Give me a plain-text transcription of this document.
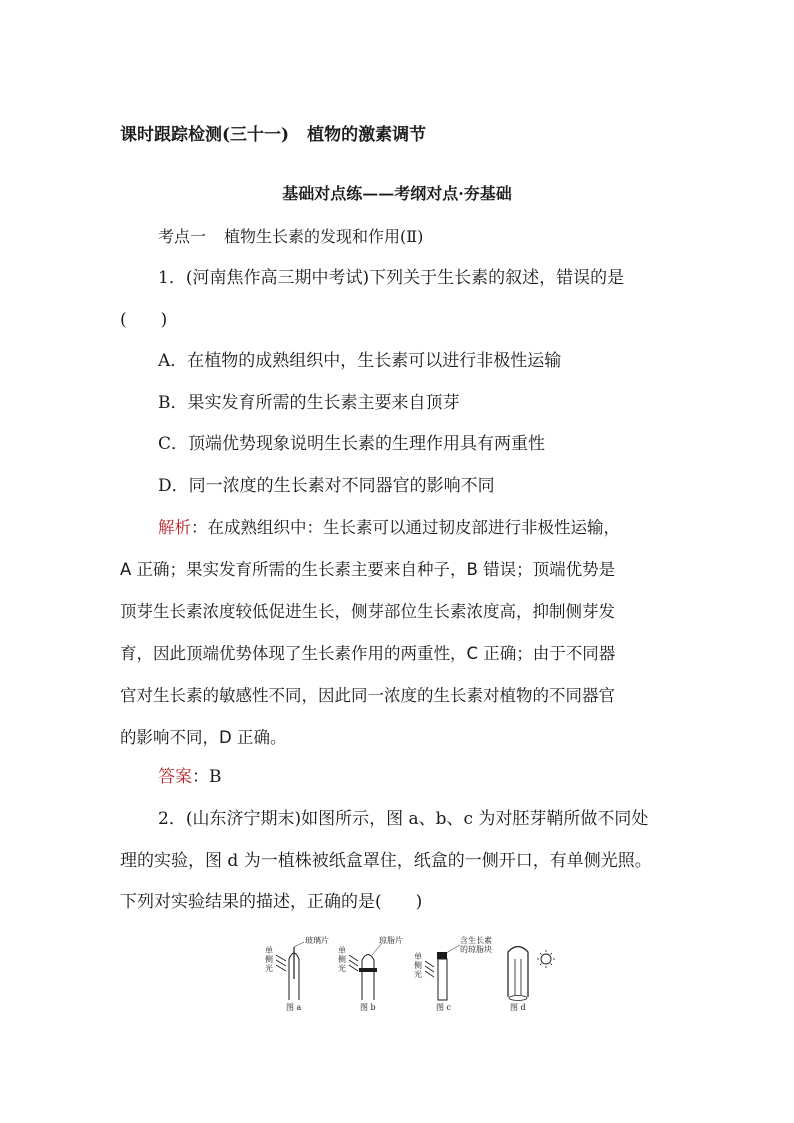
课时跟踪检测(三十一) 植物的激素调节
基础对点练——考纲对点·夯基础
考点一 植物生长素的发现和作用(Ⅱ)
1．(河南焦作高三期中考试)下列关于生长素的叙述，错误的是
(　　)
A．在植物的成熟组织中，生长素可以进行非极性运输
B．果实发育所需的生长素主要来自顶芽
C．顶端优势现象说明生长素的生理作用具有两重性
D．同一浓度的生长素对不同器官的影响不同
解析：在成熟组织中：生长素可以通过韧皮部进行非极性运输，
A 正确；果实发育所需的生长素主要来自种子，B 错误；顶端优势是
顶芽生长素浓度较低促进生长，侧芽部位生长素浓度高，抑制侧芽发
育，因此顶端优势体现了生长素作用的两重性，C 正确；由于不同器
官对生长素的敏感性不同，因此同一浓度的生长素对植物的不同器官
的影响不同，D 正确。
答案：B
2．(山东济宁期末)如图所示，图 a、b、c 为对胚芽鞘所做不同处
理的实验，图 d 为一植株被纸盒罩住，纸盒的一侧开口，有单侧光照。
下列对实验结果的描述，正确的是(　　)
单
侧
光
玻璃片
图 a
单
侧
光
琼脂片
图 b
单
侧
光
含生长素
的琼脂块
图 c	图 d
